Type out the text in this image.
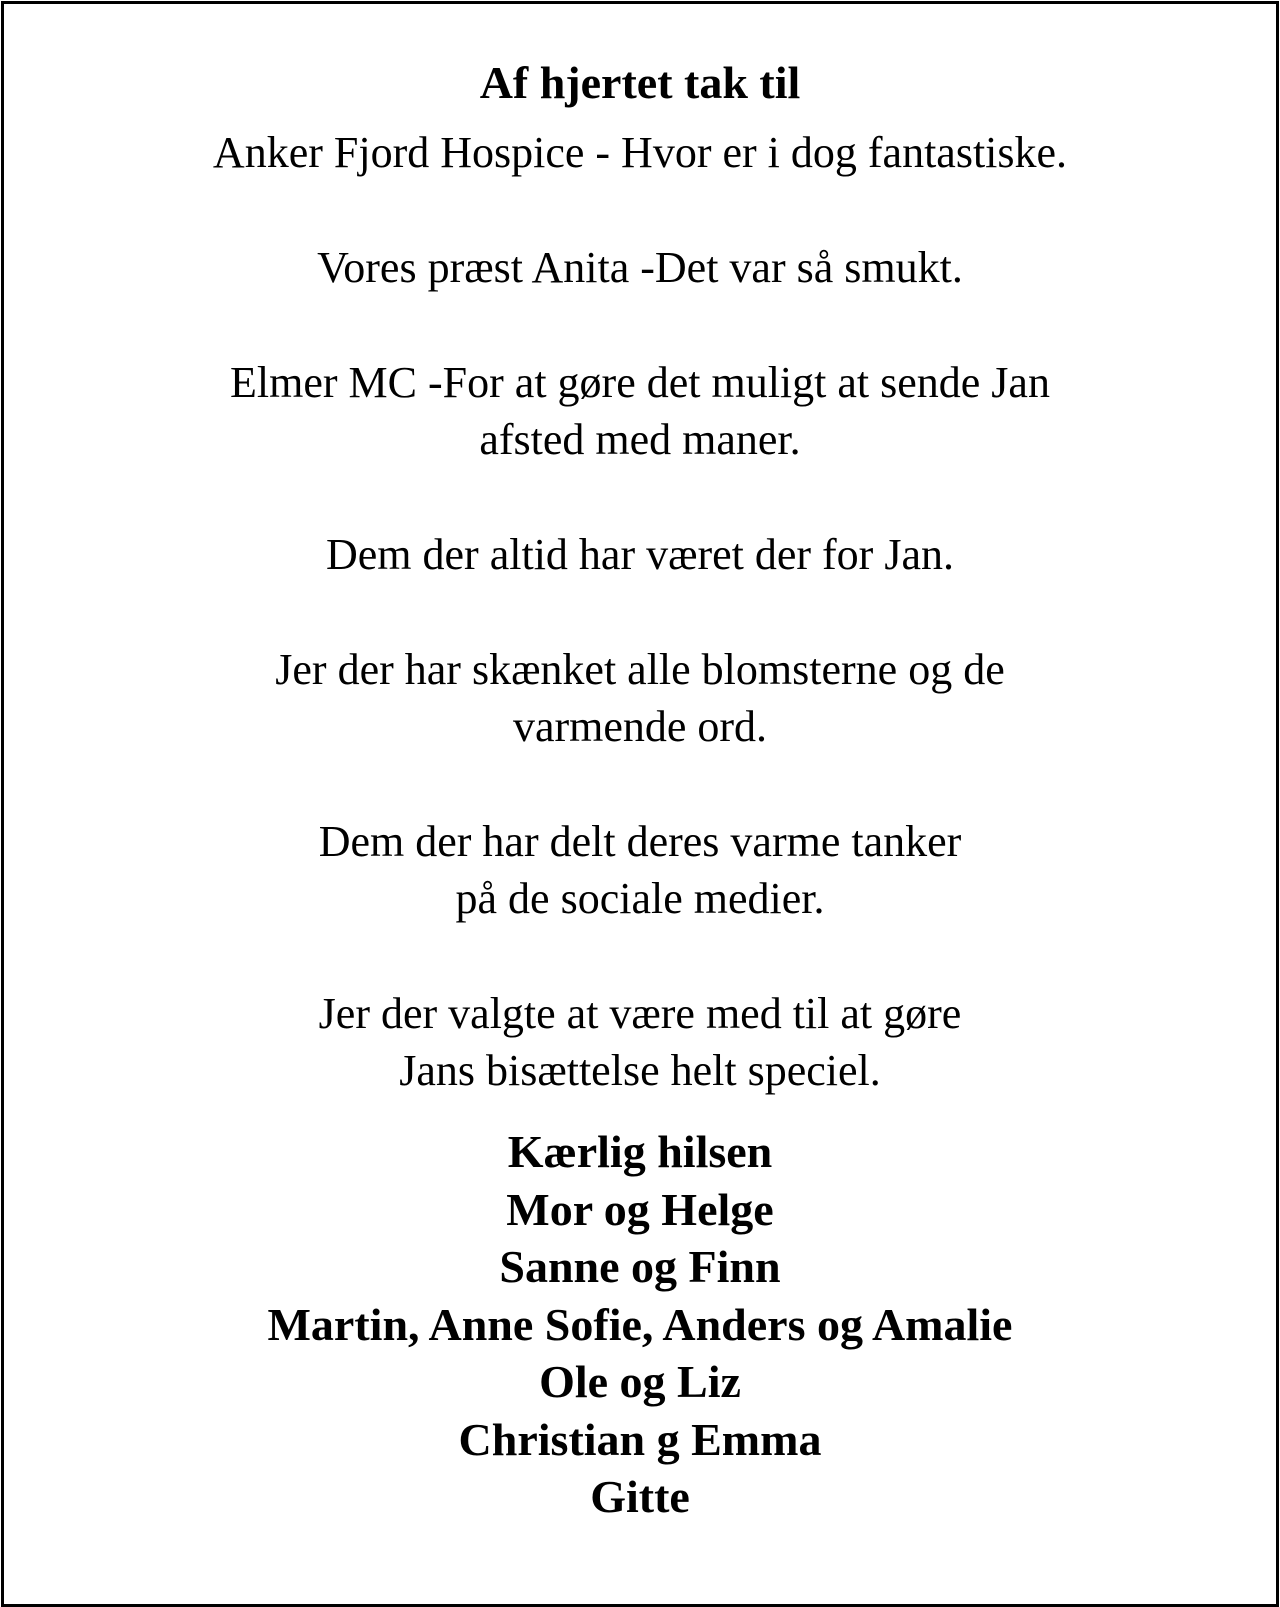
Af hjertet tak til

Anker Fjord Hospice - Hvor er i dog fantastiske.

Vores præst Anita -Det var så smukt.

Elmer MC -For at gøre det muligt at sende Jan
afsted med maner.

Dem der altid har været der for Jan.

Jer der har skænket alle blomsterne og de
varmende ord.

Dem der har delt deres varme tanker
på de sociale medier.

Jer der valgte at være med til at gøre
Jans bisættelse helt speciel.

Kærlig hilsen
Mor og Helge
Sanne og Finn
Martin, Anne Sofie, Anders og Amalie
Ole og Liz
Christian g Emma
Gitte
